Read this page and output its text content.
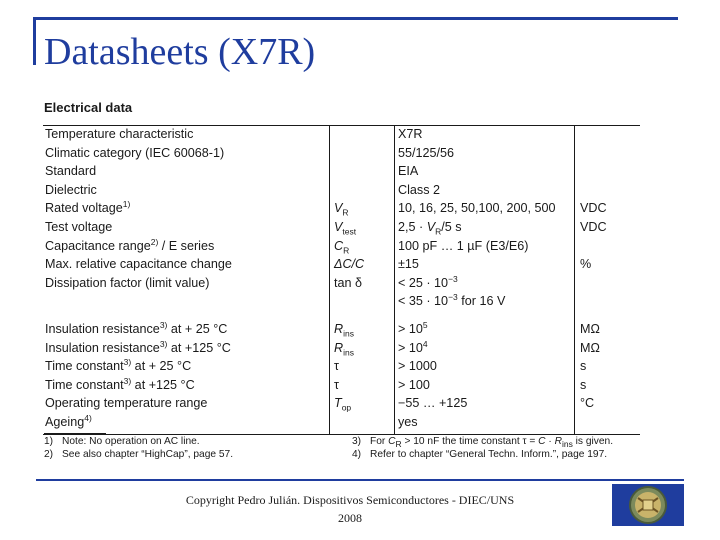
Datasheets (X7R)
Electrical data
Temperature characteristic		X7R	
Climatic category (IEC 60068-1)		55/125/56	
Standard		EIA	
Dielectric		Class 2	
Rated voltage$^{1)}$	$V_R$	10, 16, 25, 50,100, 200, 500	VDC
Test voltage	$V_{test}$	$2,5 \cdot V_R/5$ s	VDC
Capacitance range$^{2)}$ / E series	$C_R$	100 pF … 1 µF (E3/E6)	
Max. relative capacitance change	ΔC/C	±15	%
Dissipation factor (limit value)	tan δ	< $25 \cdot 10^{-3}$	
		< $35 \cdot 10^{-3}$ for 16 V	

Insulation resistance$^{3)}$ at + 25 °C	$R_{ins}$	> $10^5$	MΩ
Insulation resistance$^{3)}$ at +125 °C	$R_{ins}$	> $10^4$	MΩ
Time constant$^{3)}$ at + 25 °C	τ	> 1000	s
Time constant$^{3)}$ at +125 °C	τ	> 100	s
Operating temperature range	$T_{op}$	−55 … +125	°C
Ageing$^{4)}$		yes	
1) Note: No operation on AC line.
2) See also chapter “HighCap”, page 57.
3) For $C_R > 10$ nF the time constant $\tau = C \cdot R_{ins}$ is given.
4) Refer to chapter “General Techn. Inform.”, page 197.
Copyright Pedro Julián. Dispositivos Semiconductores - DIEC/UNS
2008
